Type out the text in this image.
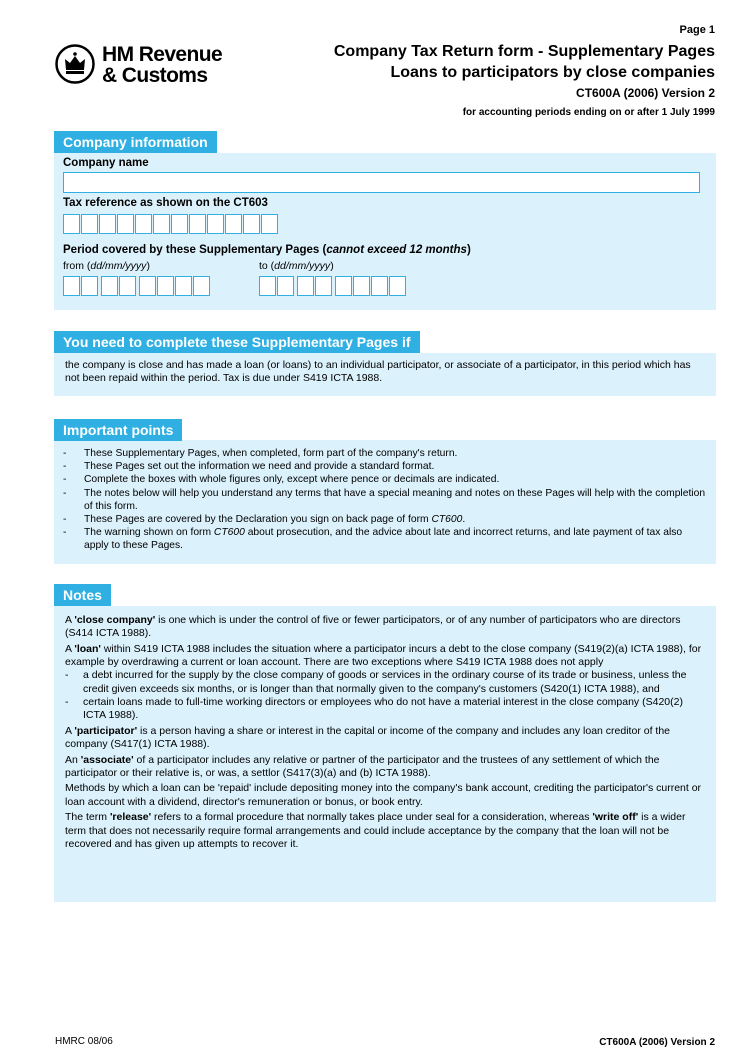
HM Revenue
& Customs
Page 1
Company Tax Return form - Supplementary Pages
Loans to participators by close companies
CT600A (2006) Version 2
for accounting periods ending on or after 1 July 1999
Company information
Company name
Tax reference as shown on the CT603
Period covered by these Supplementary Pages (cannot exceed 12 months)
from (dd/mm/yyyy)	to (dd/mm/yyyy)
You need to complete these Supplementary Pages if
the company is close and has made a loan (or loans) to an individual participator, or associate of a participator, in this period which has not been repaid within the period. Tax is due under S419 ICTA 1988.
Important points
- These Supplementary Pages, when completed, form part of the company's return.
- These Pages set out the information we need and provide a standard format.
- Complete the boxes with whole figures only, except where pence or decimals are indicated.
- The notes below will help you understand any terms that have a special meaning and notes on these Pages will help with the completion of this form.
- These Pages are covered by the Declaration you sign on back page of form CT600.
- The warning shown on form CT600 about prosecution, and the advice about late and incorrect returns, and late payment of tax also apply to these Pages.
Notes

A 'close company' is one which is under the control of five or fewer participators, or of any number of participators who are directors (S414 ICTA 1988).

A 'loan' within S419 ICTA 1988 includes the situation where a participator incurs a debt to the close company (S419(2)(a) ICTA 1988), for example by overdrawing a current or loan account. There are two exceptions where S419 ICTA 1988 does not apply

- a debt incurred for the supply by the close company of goods or services in the ordinary course of its trade or business, unless the credit given exceeds six months, or is longer than that normally given to the company's customers (S420(1) ICTA 1988), and

- certain loans made to full-time working directors or employees who do not have a material interest in the close company (S420(2) ICTA 1988).

A 'participator' is a person having a share or interest in the capital or income of the company and includes any loan creditor of the company (S417(1) ICTA 1988).

An 'associate' of a participator includes any relative or partner of the participator and the trustees of any settlement of which the participator or their relative is, or was, a settlor (S417(3)(a) and (b) ICTA 1988).

Methods by which a loan can be 'repaid' include depositing money into the company's bank account, crediting the participator's current or loan account with a dividend, director's remuneration or bonus, or book entry.

The term 'release' refers to a formal procedure that normally takes place under seal for a consideration, whereas 'write off' is a wider term that does not necessarily require formal arrangements and could include acceptance by the company that the loan will not be recovered and has given up attempts to recover it.

HMRC 08/06	CT600A (2006) Version 2
